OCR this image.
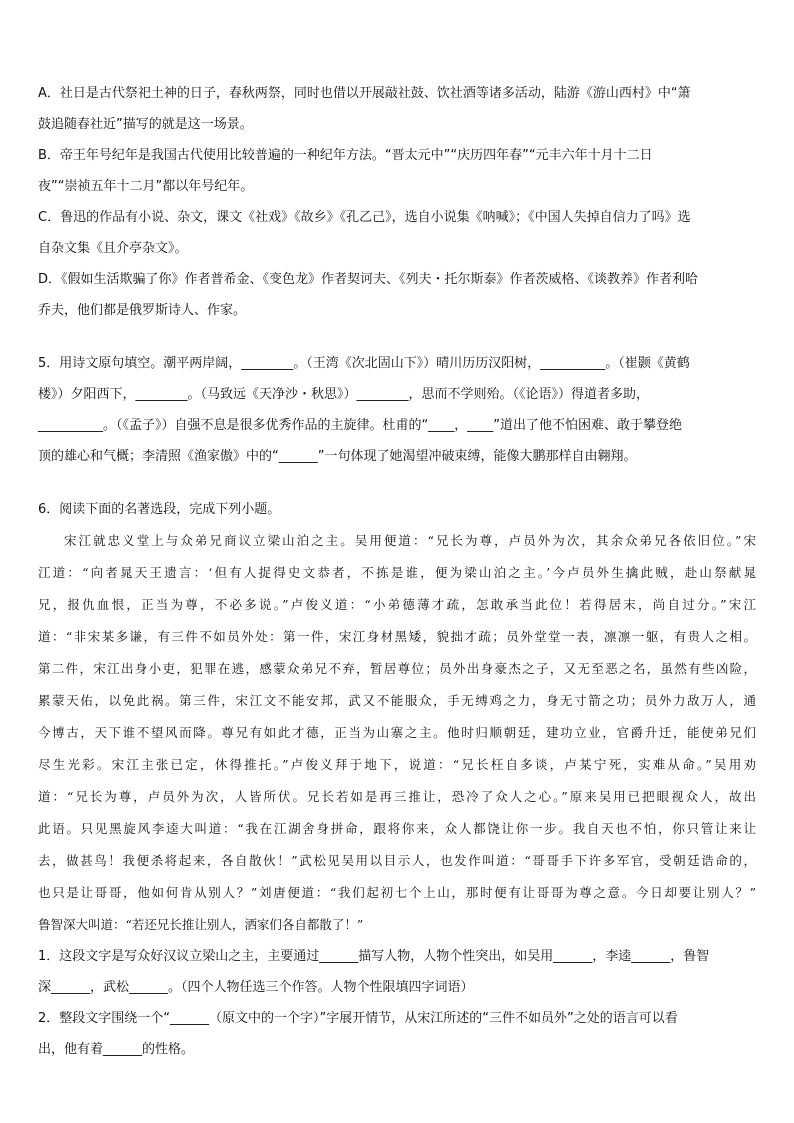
A．社日是古代祭祀土神的日子，春秋两祭，同时也借以开展敲社鼓、饮社酒等诸多活动，陆游《游山西村》中“箫
鼓追随春社近”描写的就是这一场景。
B．帝王年号纪年是我国古代使用比较普遍的一种纪年方法。“晋太元中”“庆历四年春”“元丰六年十月十二日
夜”“崇祯五年十二月”都以年号纪年。
C．鲁迅的作品有小说、杂文，课文《社戏》《故乡》《孔乙己》，选自小说集《呐喊》；《中国人失掉自信力了吗》选
自杂文集《且介亭杂文》。
D．《假如生活欺骗了你》作者普希金、《变色龙》作者契诃夫、《列夫・托尔斯泰》作者茨威格、《谈教养》作者利哈
乔夫，他们都是俄罗斯诗人、作家。
5．用诗文原句填空。潮平两岸阔，________。（王湾《次北固山下》）晴川历历汉阳树，__________。（崔颢《黄鹤
楼》）夕阳西下，________。（马致远《天净沙・秋思》）________，思而不学则殆。（《论语》）得道者多助，
__________。（《孟子》）自强不息是很多优秀作品的主旋律。杜甫的“____，____”道出了他不怕困难、敢于攀登绝
顶的雄心和气概；李清照《渔家傲》中的“______”一句体现了她渴望冲破束缚，能像大鹏那样自由翱翔。
6．阅读下面的名著选段，完成下列小题。
宋江就忠义堂上与众弟兄商议立梁山泊之主。吴用便道：“兄长为尊，卢员外为次，其余众弟兄各依旧位。”宋
江道：“向者晁天王遗言：‘但有人捉得史文恭者，不拣是谁，便为梁山泊之主。’今卢员外生擒此贼，赴山祭献晁
兄，报仇血恨，正当为尊，不必多说。”卢俊义道：“小弟德薄才疏，怎敢承当此位！若得居末，尚自过分。”宋江
道：“非宋某多谦，有三件不如员外处：第一件，宋江身材黑矮，貌拙才疏；员外堂堂一表，凛凛一躯，有贵人之相。
第二件，宋江出身小吏，犯罪在逃，感蒙众弟兄不弃，暂居尊位；员外出身豪杰之子，又无至恶之名，虽然有些凶险，
累蒙天佑，以免此祸。第三件，宋江文不能安邦，武又不能服众，手无缚鸡之力，身无寸箭之功；员外力敌万人，通
今博古，天下谁不望风而降。尊兄有如此才德，正当为山寨之主。他时归顺朝廷，建功立业，官爵升迁，能使弟兄们
尽生光彩。宋江主张已定，休得推托。”卢俊义拜于地下，说道：“兄长枉自多谈，卢某宁死，实难从命。”吴用劝
道：“兄长为尊，卢员外为次，人皆所伏。兄长若如是再三推让，恐冷了众人之心。”原来吴用已把眼视众人，故出
此语。只见黑旋风李逵大叫道：“我在江湖舍身拼命，跟将你来，众人都饶让你一步。我自天也不怕，你只管让来让
去，做甚鸟！我便杀将起来，各自散伙！”武松见吴用以目示人，也发作叫道：“哥哥手下许多军官，受朝廷诰命的，
也只是让哥哥，他如何肯从别人？”刘唐便道：“我们起初七个上山，那时便有让哥哥为尊之意。今日却要让别人？”
鲁智深大叫道：“若还兄长推让别人，洒家们各自都散了！”
1．这段文字是写众好汉议立梁山之主，主要通过______描写人物，人物个性突出，如吴用______，李逵______，鲁智
深______，武松______。（四个人物任选三个作答。人物个性限填四字词语）
2．整段文字围绕一个“______（原文中的一个字）”字展开情节，从宋江所述的“三件不如员外”之处的语言可以看
出，他有着______的性格。
